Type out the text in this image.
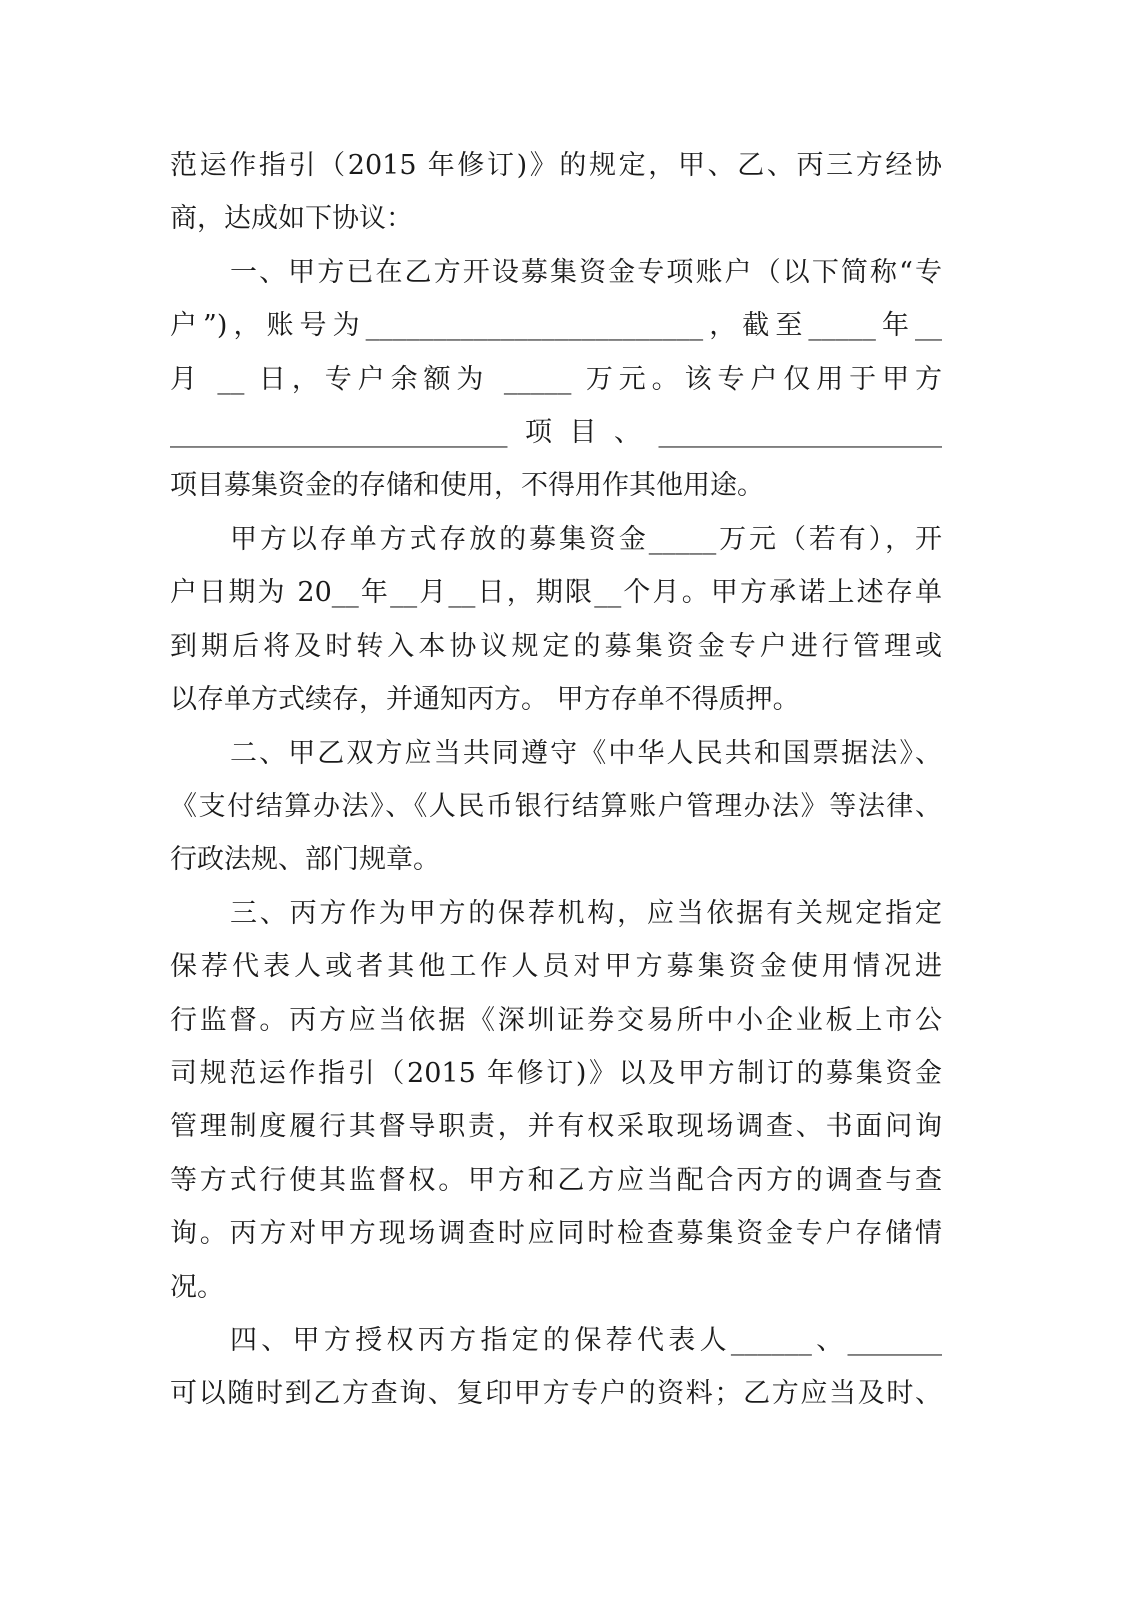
范运作指引（2015 年修订)》的规定，甲、乙、丙三方经协
商，达成如下协议：
一、甲方已在乙方开设募集资金专项账户（以下简称“专
户”)，账号为_________________________，截至_____年__
月 __ 日，专户余额为 _____ 万元。该专户仅用于甲方
_________________________项目、_____________________
项目募集资金的存储和使用，不得用作其他用途。
甲方以存单方式存放的募集资金_____万元（若有），开
户日期为 20__年__月__日，期限__个月。甲方承诺上述存单
到期后将及时转入本协议规定的募集资金专户进行管理或
以存单方式续存，并通知丙方。 甲方存单不得质押。
二、甲乙双方应当共同遵守《中华人民共和国票据法》、
《支付结算办法》、《人民币银行结算账户管理办法》等法律、
行政法规、部门规章。
三、丙方作为甲方的保荐机构，应当依据有关规定指定
保荐代表人或者其他工作人员对甲方募集资金使用情况进
行监督。丙方应当依据《深圳证券交易所中小企业板上市公
司规范运作指引（2015 年修订)》以及甲方制订的募集资金
管理制度履行其督导职责，并有权采取现场调查、书面问询
等方式行使其监督权。甲方和乙方应当配合丙方的调查与查
询。丙方对甲方现场调查时应同时检查募集资金专户存储情
况。
四、甲方授权丙方指定的保荐代表人______、_______
可以随时到乙方查询、复印甲方专户的资料；乙方应当及时、
